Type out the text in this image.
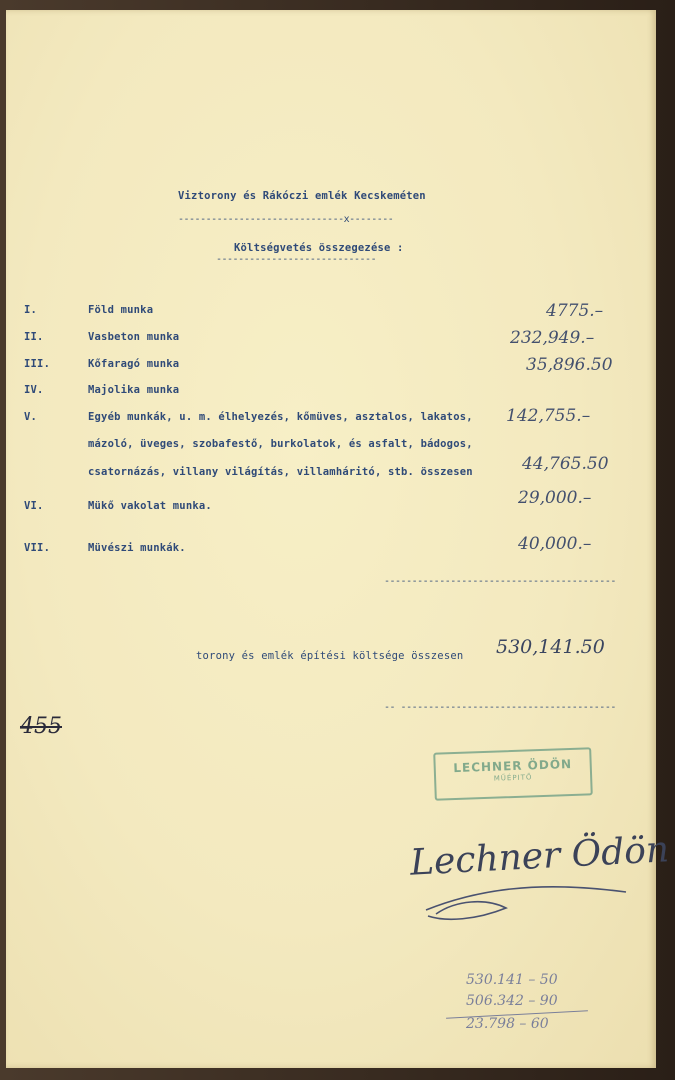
Viztorony és Rákóczi emlék Kecskeméten
------------------------------x--------
Költségvetés összegezése :
-----------------------------
I.	Föld munka	4775.–
II.	Vasbeton munka	232,949.–
III.	Kőfaragó munka	35,896.50
IV.	Majolika munka
V.	Egyéb munkák, u. m. élhelyezés, kőmüves, asztalos, lakatos, 142,755.–
mázoló, üveges, szobafestő, burkolatok, és asfalt, bádogos,
csatornázás, villany világítás, villamháritó, stb. összesen	44,765.50
VI.	Mükő vakolat munka.	29,000.–
VII.	Müvészi munkák.	40,000.–
------------------------------------------
torony és emlék építési költsége összesen 530,141.50
-- ---------------------------------------
455
LECHNER ÖDÖN
MŰÉPITŐ
Lechner Ödön
530.141 – 50
506.342 – 90
23.798 – 60
